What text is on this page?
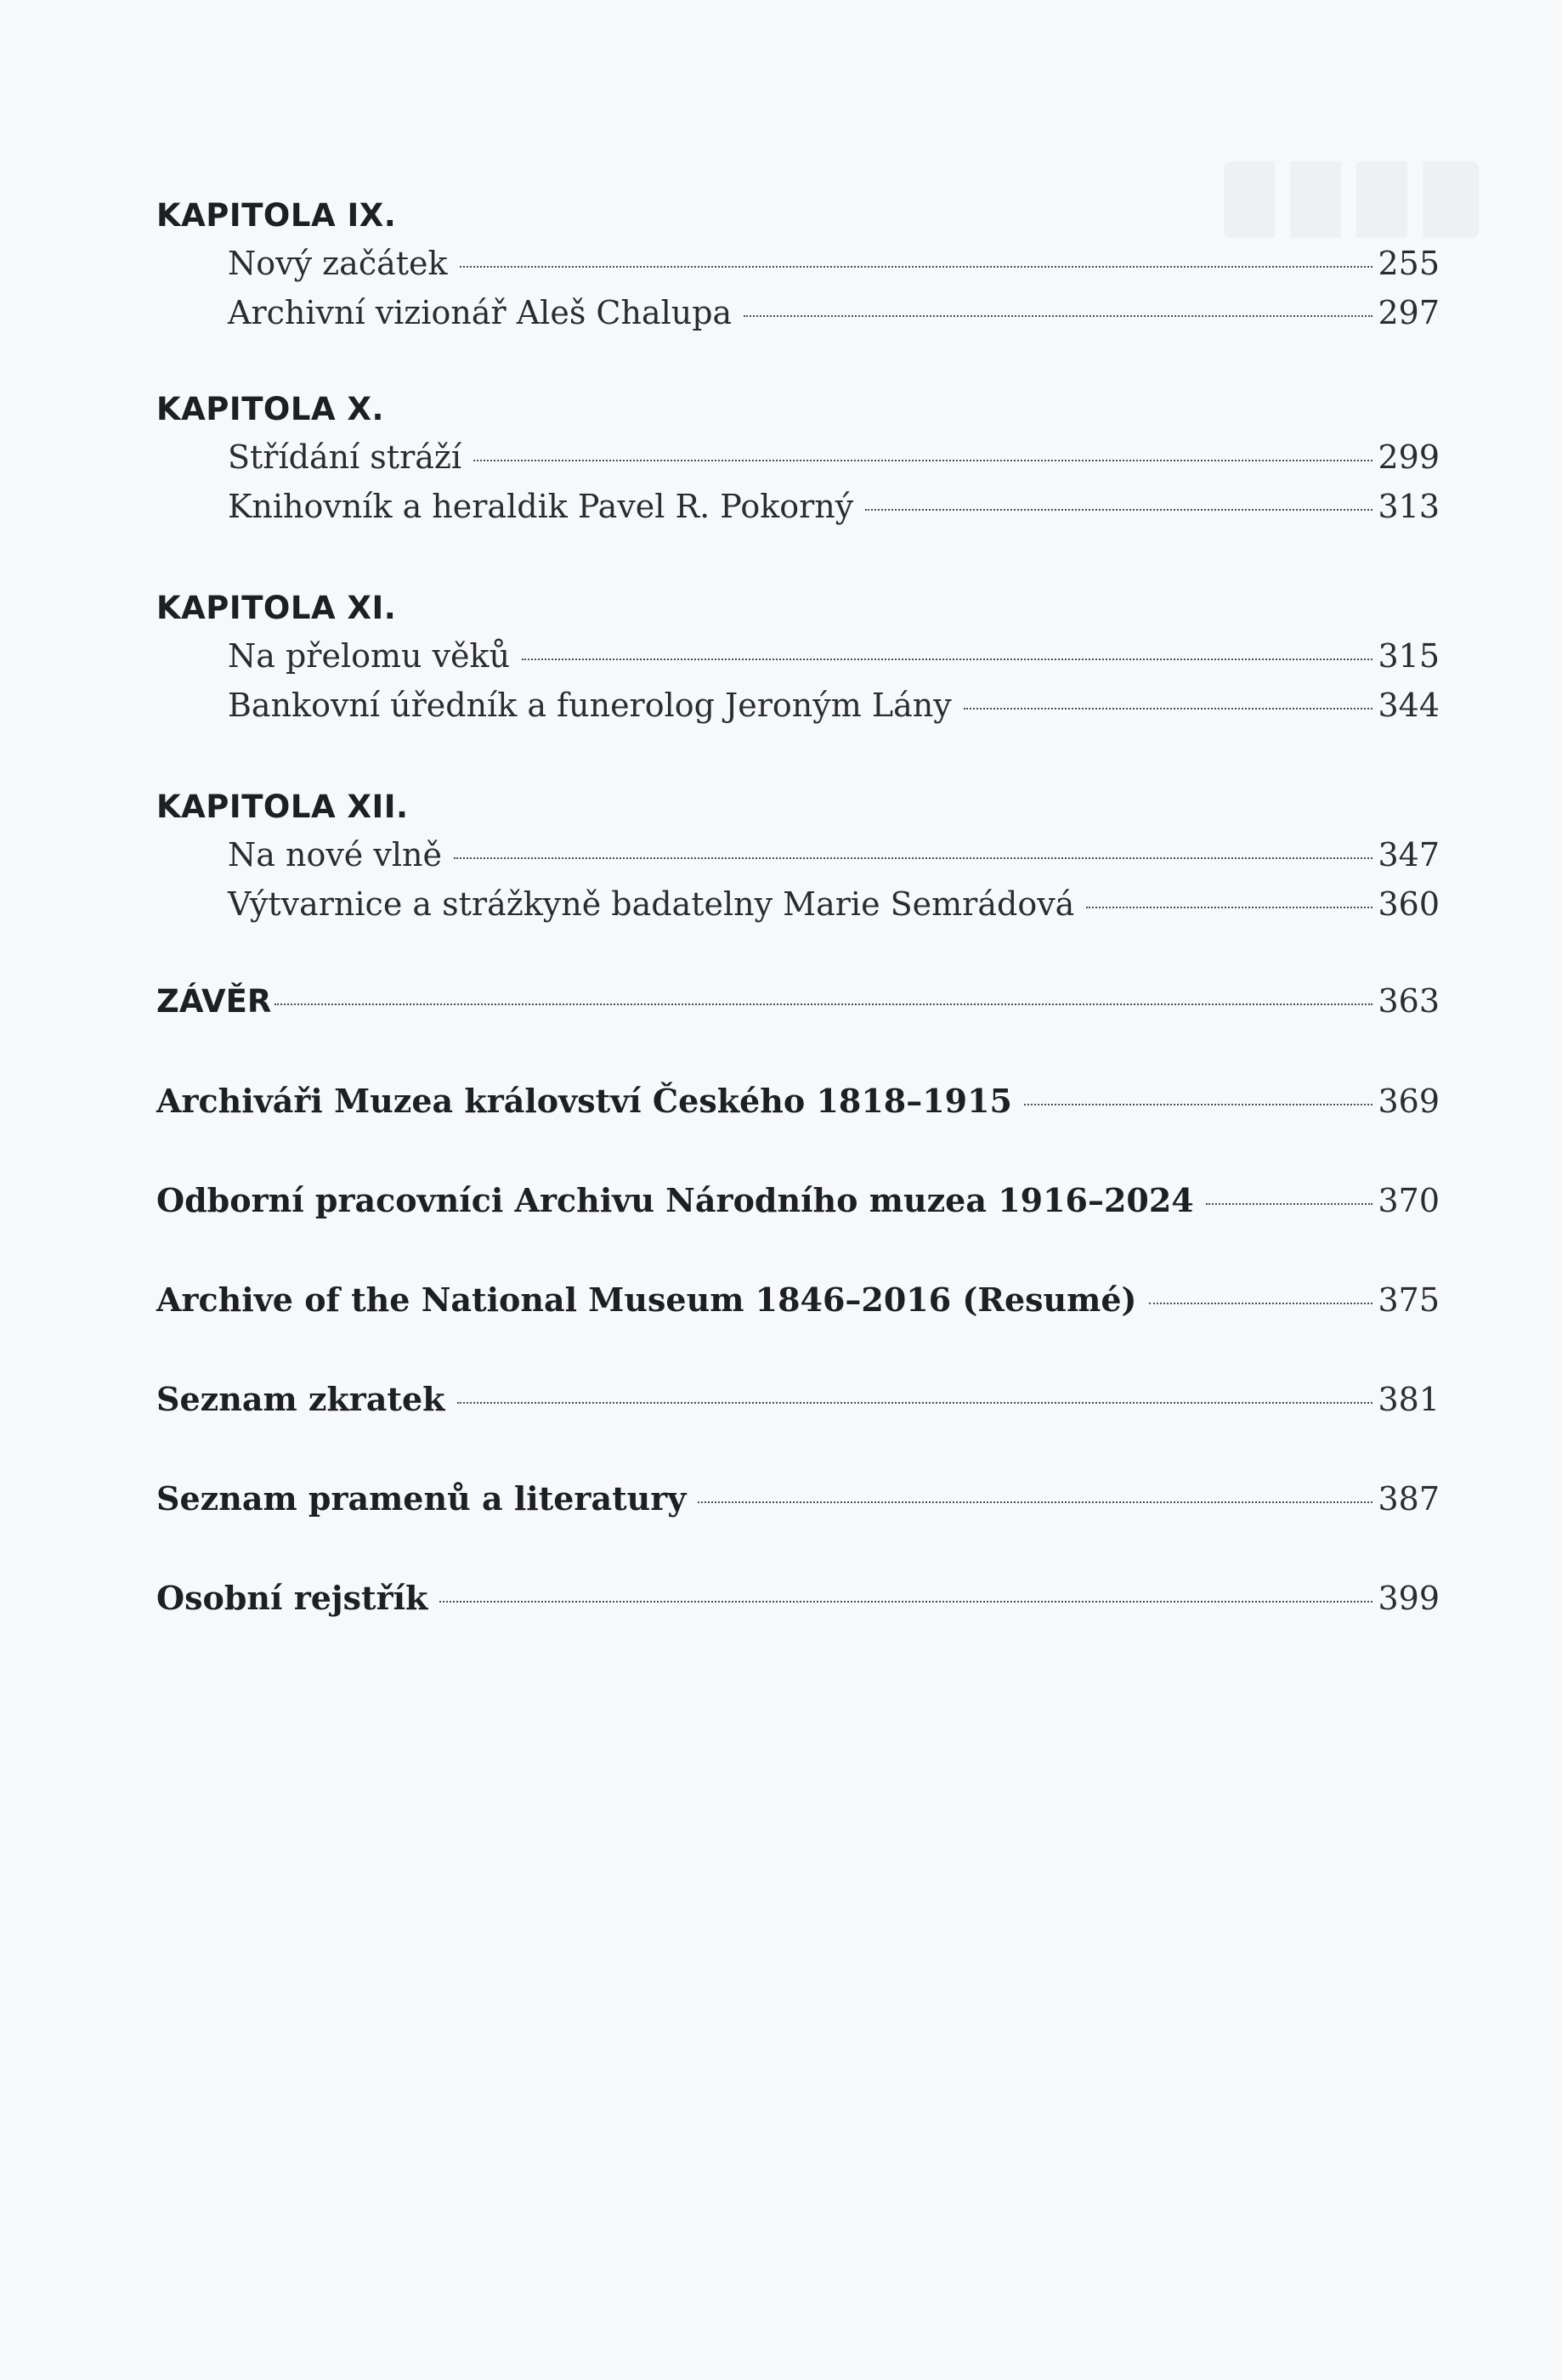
KAPITOLA IX.
Nový začátek	255
Archivní vizionář Aleš Chalupa	297
KAPITOLA X.
Střídání stráží	299
Knihovník a heraldik Pavel R. Pokorný	313
KAPITOLA XI.
Na přelomu věků	315
Bankovní úředník a funerolog Jeroným Lány	344
KAPITOLA XII.
Na nové vlně	347
Výtvarnice a strážkyně badatelny Marie Semrádová	360
ZÁVĚR	363
Archiváři Muzea království Českého 1818–1915	369
Odborní pracovníci Archivu Národního muzea 1916–2024	370
Archive of the National Museum 1846–2016 (Resumé)	375
Seznam zkratek	381
Seznam pramenů a literatury	387
Osobní rejstřík	399
